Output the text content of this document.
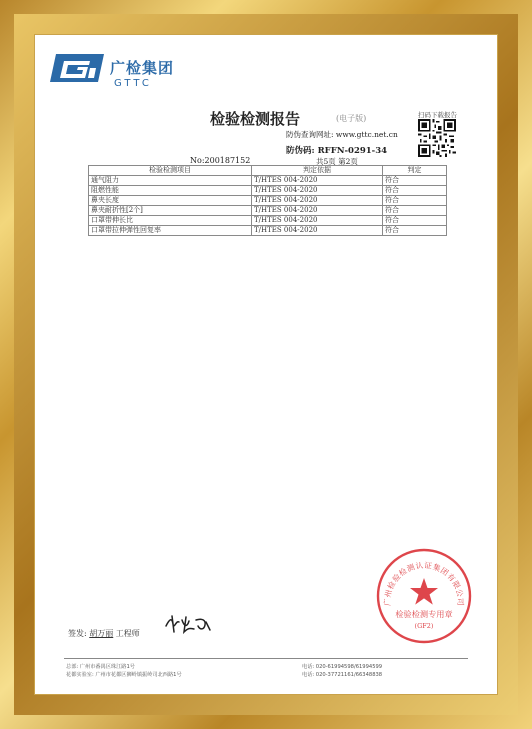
广检集团
GTTC
检验检测报告	(电子版)
防伪查询网址: www.gttc.net.cn
防伪码: RFFN-0291-34
扫码下载报告
No:200187152	共5页 第2页
检验检测项目	判定依据	判定
通气阻力	T/HTES 004-2020	符合
阻燃性能	T/HTES 004-2020	符合
鼻夹长度	T/HTES 004-2020	符合
鼻夹耐折性[2个]	T/HTES 004-2020	符合
口罩带伸长比	T/HTES 004-2020	符合
口罩带拉伸弹性回复率	T/HTES 004-2020	符合
广州检验检测认证集团有限公司
检验检测专用章
(GF2)
签发: 胡万丽 工程师
总部: 广州市番禺区珠江路1号	电话: 020-61994598/61994599
花都实验室: 广州市花都区狮岭镇振岭司北西路1号	电话: 020-37721161/66348838
